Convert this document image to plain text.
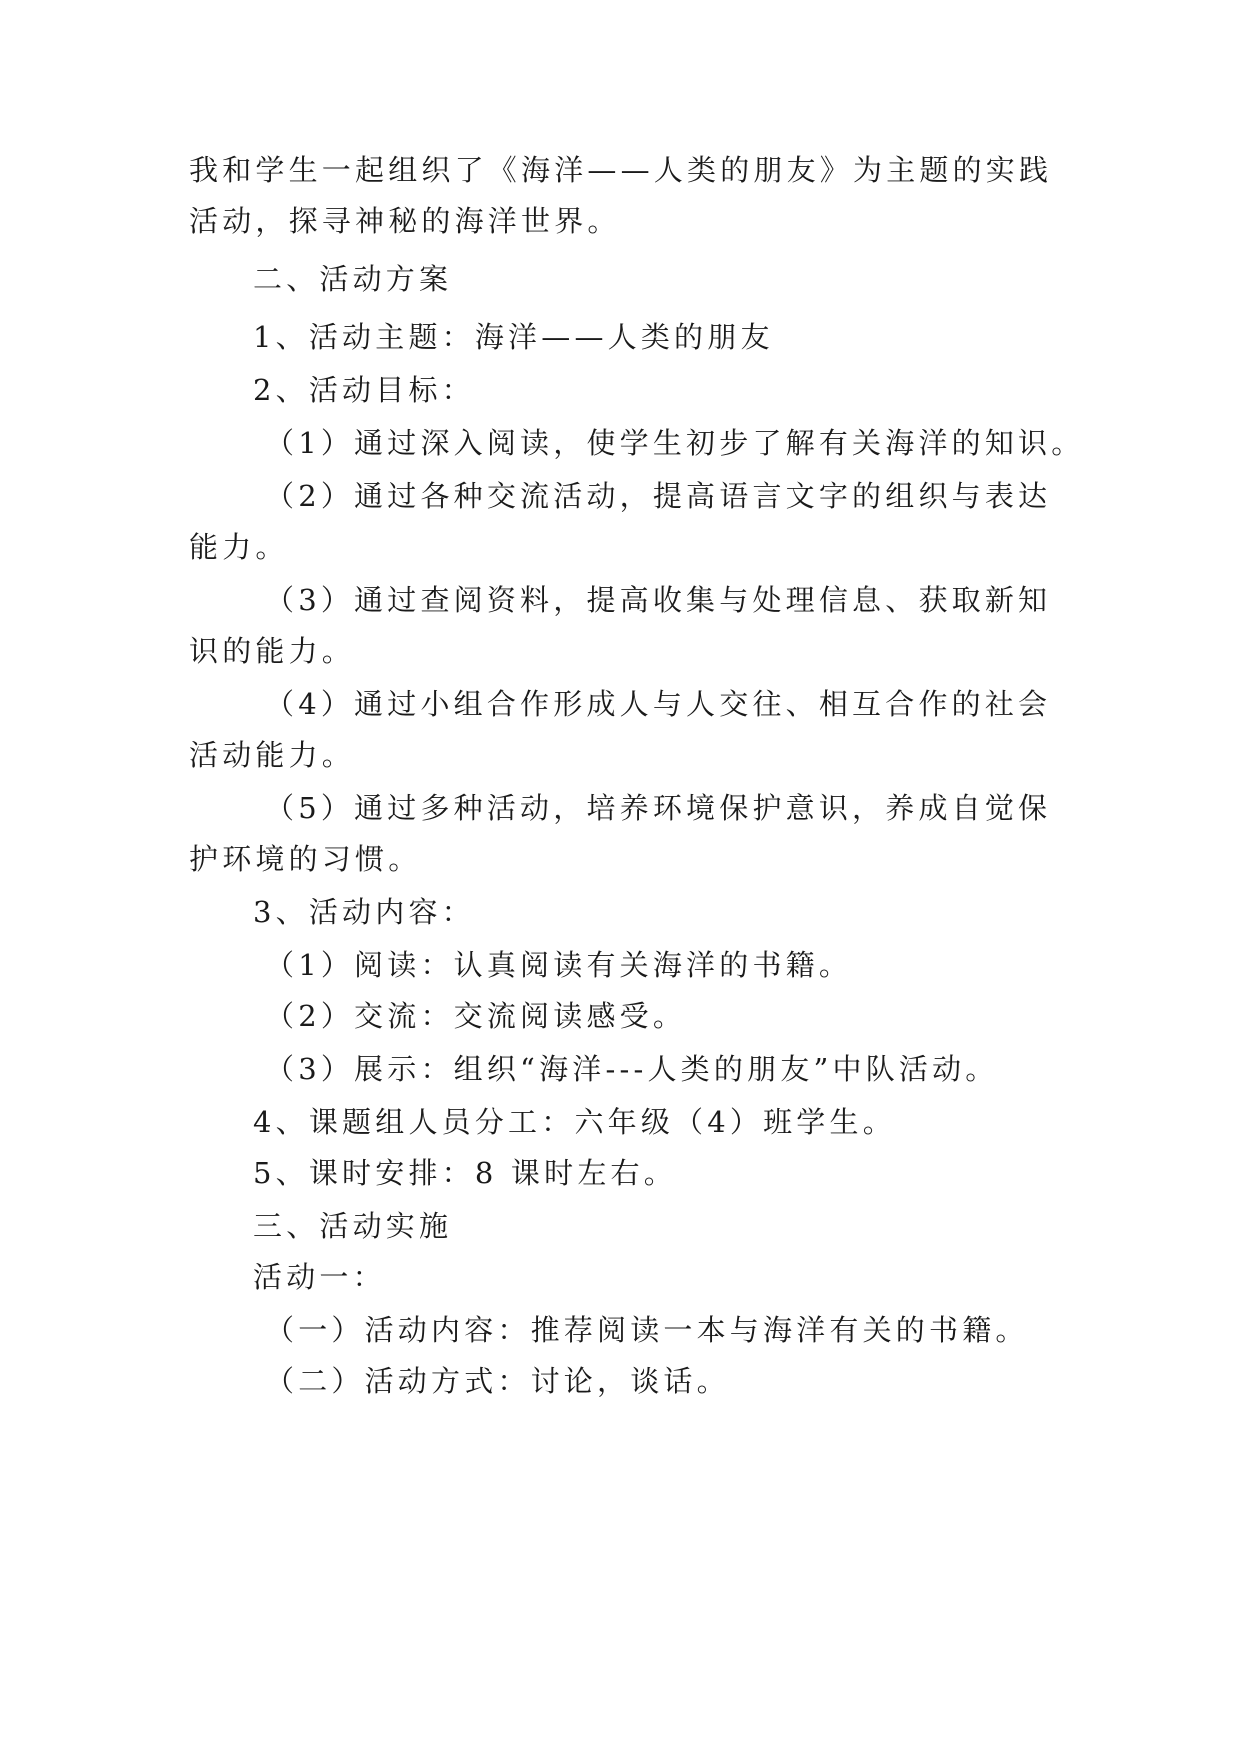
我和学生一起组织了《海洋——人类的朋友》为主题的实践
活动，探寻神秘的海洋世界。
二、活动方案
1、活动主题：海洋——人类的朋友
2、活动目标：
（1）通过深入阅读，使学生初步了解有关海洋的知识。
（2）通过各种交流活动，提高语言文字的组织与表达
能力。
（3）通过查阅资料，提高收集与处理信息、获取新知
识的能力。
（4）通过小组合作形成人与人交往、相互合作的社会
活动能力。
（5）通过多种活动，培养环境保护意识，养成自觉保
护环境的习惯。
3、活动内容：
（1）阅读：认真阅读有关海洋的书籍。
（2）交流：交流阅读感受。
（3）展示：组织“海洋---人类的朋友”中队活动。
4、课题组人员分工：六年级（4）班学生。
5、课时安排：8 课时左右。
三、活动实施
活动一：
（一）活动内容：推荐阅读一本与海洋有关的书籍。
（二）活动方式：讨论，谈话。
